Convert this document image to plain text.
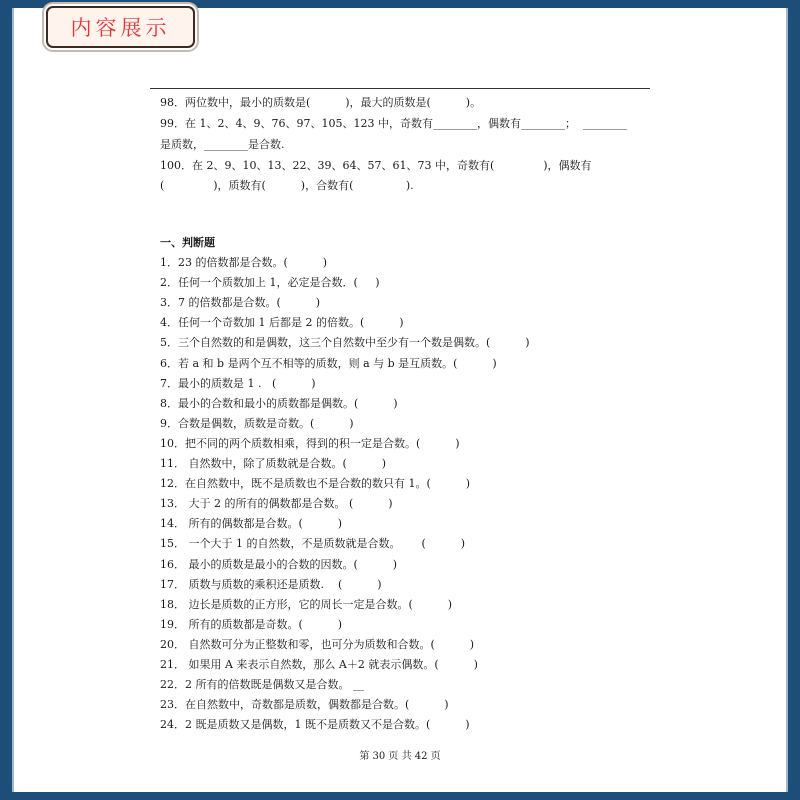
内容展示
98．两位数中，最小的质数是(          )，最大的质数是(          )。
99．在 1、2、4、9、76、97、105、123 中，奇数有________，偶数有________；  ________
是质数，________是合数.
100．在 2、9、10、13、22、39、64、57、61、73 中，奇数有(              )，偶数有
(              )，质数有(          )，合数有(               ).
一、判断题
1．23 的倍数都是合数。(          )
2．任何一个质数加上 1，必定是合数．(     )
3．7 的倍数都是合数。(          )
4．任何一个奇数加 1 后都是 2 的倍数。(          )
5．三个自然数的和是偶数，这三个自然数中至少有一个数是偶数。(          )
6．若 a 和 b 是两个互不相等的质数，则 a 与 b 是互质数。(          )
7．最小的质数是 1 .   (          )
8．最小的合数和最小的质数都是偶数。(          )
9．合数是偶数，质数是奇数。(          )
10．把不同的两个质数相乘，得到的积一定是合数。(          )
11． 自然数中，除了质数就是合数。(          )
12．在自然数中，既不是质数也不是合数的数只有 1。(          )
13． 大于 2 的所有的偶数都是合数。 (          )
14． 所有的偶数都是合数。(          )
15． 一个大于 1 的自然数，不是质数就是合数。      (          )
16． 最小的质数是最小的合数的因数。(          )
17． 质数与质数的乘积还是质数.    (          )
18． 边长是质数的正方形，它的周长一定是合数。(          )
19． 所有的质数都是奇数。(          )
20． 自然数可分为正整数和零，也可分为质数和合数。(          )
21． 如果用 A 来表示自然数，那么 A＋2 就表示偶数。(          )
22．2 所有的倍数既是偶数又是合数。 __
23．在自然数中，奇数都是质数，偶数都是合数。(          )
24．2 既是质数又是偶数，1 既不是质数又不是合数。(          )
第 30 页 共 42 页
